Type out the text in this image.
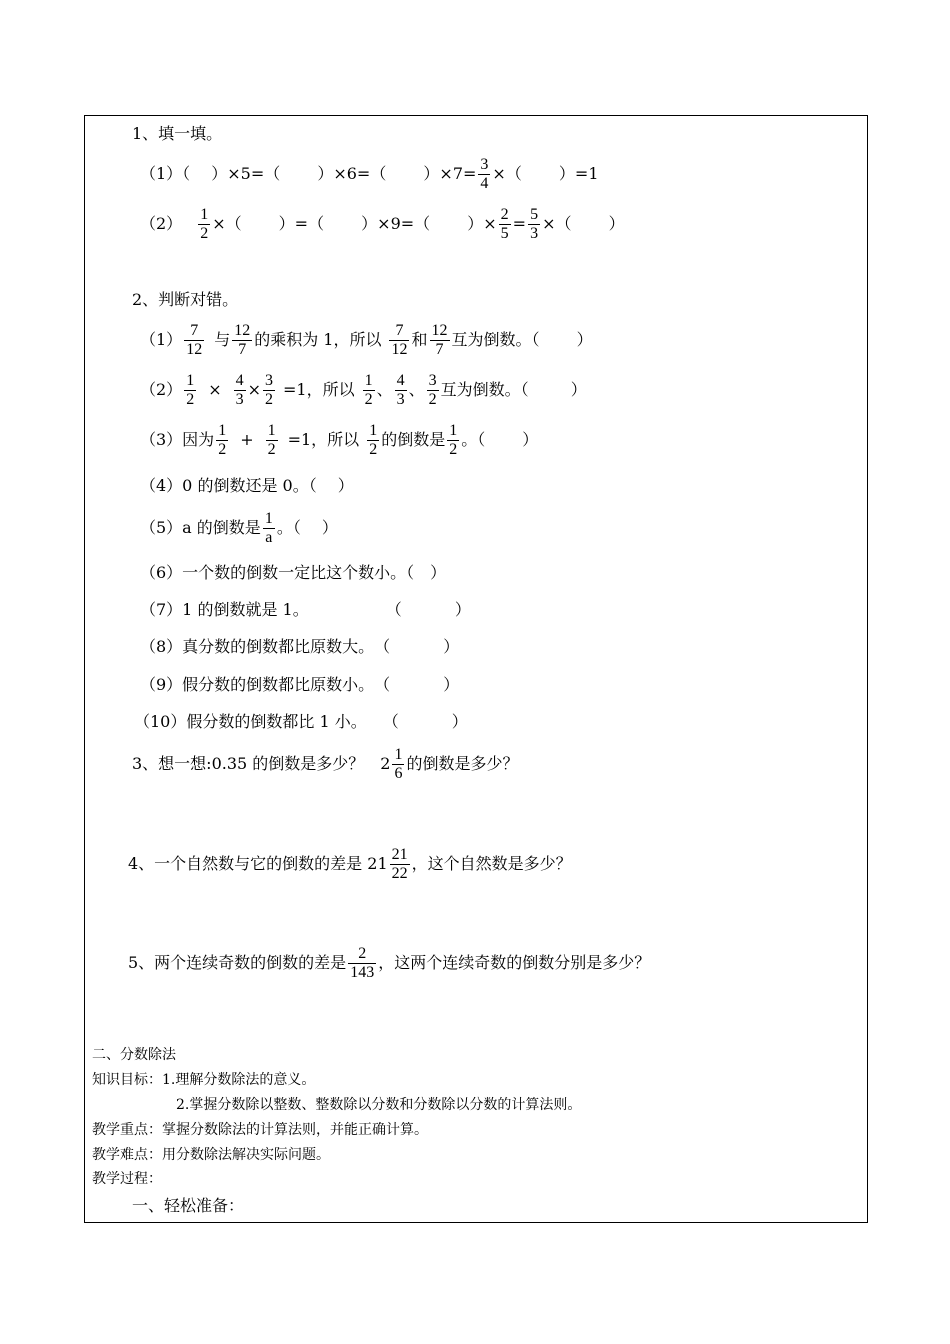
1、填一填。
（1）（　 ）×5=（　 　）×6=（　 　）$\times 7= \frac{3}{4}$ ×（　 　）=1
$(2) \frac{1}{2}$ ×（　 　）=（　 　）×9=（　 　）× $\frac{2}{5} = \frac{5}{3}$ ×（　 　）
2、判断对错。
$(1) \frac{7}{12}$ 与 $\frac{12}{7}$ 的乘积为 1，所以 $\frac{7}{12}$ 和 $\frac{12}{7}$ 互为倒数。（　 　）
$(2) \frac{1}{2} \times \frac{4}{3} \times \frac{3}{2} =1$，所以 $\frac{1}{2}$ 、 $\frac{4}{3}$ 、 $\frac{3}{2}$ 互为倒数。（　 　 ）
（3）因为 $\frac{1}{2} + \frac{1}{2} =1$，所以 $\frac{1}{2}$ 的倒数是 $\frac{1}{2}$ 。（　　 ）
（4）0 的倒数还是 0。（　 ）
（5）a 的倒数是 $\frac{1}{a}$ 。（　 ）
（6）一个数的倒数一定比这个数小。（　）
（7）1 的倒数就是 1。　　　　　 （　　　 ）
（8）真分数的倒数都比原数大。　（　　　 ）
（9）假分数的倒数都比原数小。　（　　　 ）
（10）假分数的倒数都比 1 小。　　（　　　 ）
3、想一想:0.35 的倒数是多少？　$2 \frac{1}{6}$ 的倒数是多少？
4、一个自然数与它的倒数的差是 $21 \frac{21}{22}$ ，这个自然数是多少？
5、两个连续奇数的倒数的差是 $\frac{2}{143}$ ，这两个连续奇数的倒数分别是多少？
二、分数除法
知识目标：1.理解分数除法的意义。
2.掌握分数除以整数、整数除以分数和分数除以分数的计算法则。
教学重点：掌握分数除法的计算法则，并能正确计算。
教学难点：用分数除法解决实际问题。
教学过程：
一、轻松准备：
